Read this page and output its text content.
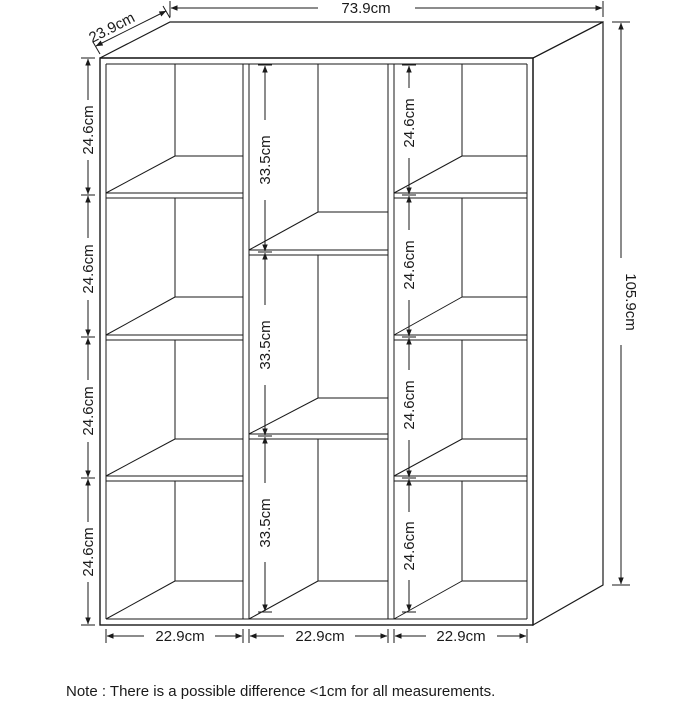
73.9cm
23.9cm
105.9cm
24.6cm
24.6cm
24.6cm
24.6cm
33.5cm
33.5cm
33.5cm
24.6cm
24.6cm
24.6cm
24.6cm
22.9cm	22.9cm	22.9cm
Note : There is a possible difference <1cm for all measurements.
